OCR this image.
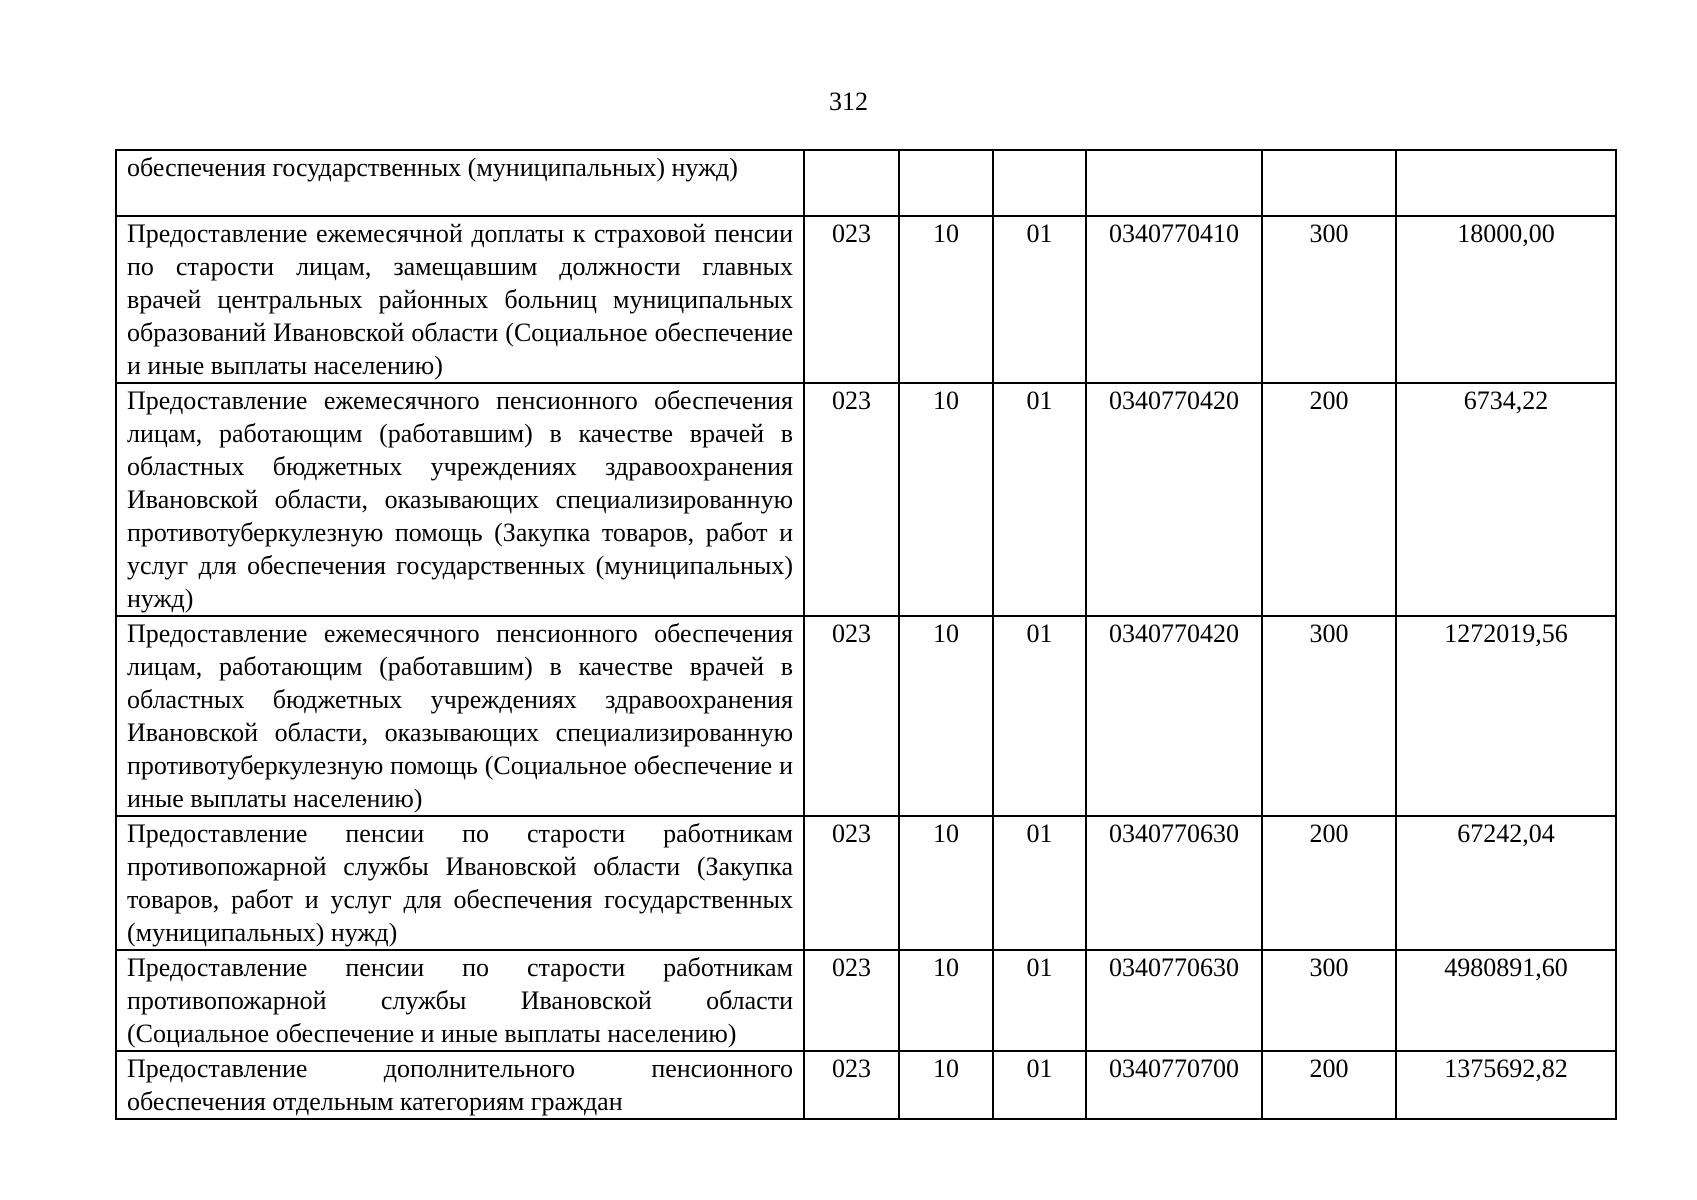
312
обеспечения государственных (муниципальных) нужд)						

Предоставление ежемесячной доплаты к страховой пенсии по старости лицам, замещавшим должности главных врачей центральных районных больниц муниципальных образований Ивановской области (Социальное обеспечение и иные выплаты населению)	023	10	01	0340770410	300	18000,00

Предоставление ежемесячного пенсионного обеспечения лицам, работающим (работавшим) в качестве врачей в областных бюджетных учреждениях здравоохранения Ивановской области, оказывающих специализированную противотуберкулезную помощь (Закупка товаров, работ и услуг для обеспечения государственных (муниципальных) нужд)	023	10	01	0340770420	200	6734,22

Предоставление ежемесячного пенсионного обеспечения лицам, работающим (работавшим) в качестве врачей в областных бюджетных учреждениях здравоохранения Ивановской области, оказывающих специализированную противотуберкулезную помощь (Социальное обеспечение и иные выплаты населению)	023	10	01	0340770420	300	1272019,56

Предоставление пенсии по старости работникам противопожарной службы Ивановской области (Закупка товаров, работ и услуг для обеспечения государственных (муниципальных) нужд)	023	10	01	0340770630	200	67242,04

Предоставление пенсии по старости работникам противопожарной службы Ивановской области (Социальное обеспечение и иные выплаты населению)	023	10	01	0340770630	300	4980891,60

Предоставление дополнительного пенсионного обеспечения отдельным категориям граждан	023	10	01	0340770700	200	1375692,82
